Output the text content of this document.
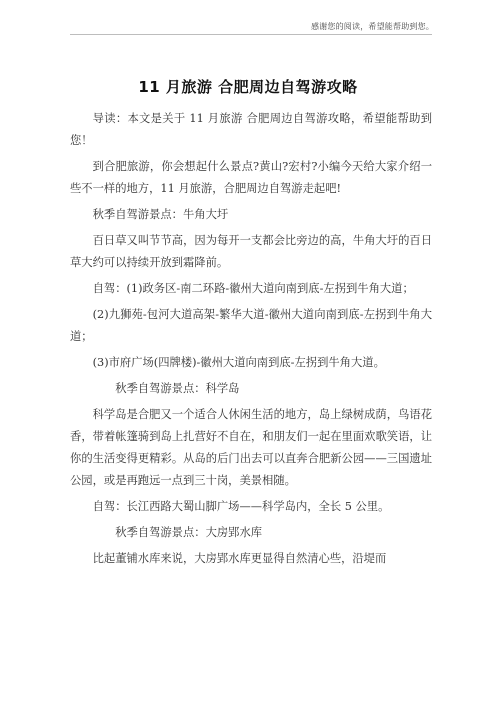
感谢您的阅读，希望能帮助到您。
11 月旅游 合肥周边自驾游攻略

导读：本文是关于 11 月旅游 合肥周边自驾游攻略，希望能帮助到您！

到合肥旅游，你会想起什么景点?黄山?宏村?小编今天给大家介绍一些不一样的地方，11 月旅游，合肥周边自驾游走起吧!

秋季自驾游景点：牛角大圩

百日草又叫节节高，因为每开一支都会比旁边的高，牛角大圩的百日草大约可以持续开放到霜降前。

自驾：(1)政务区-南二环路-徽州大道向南到底-左拐到牛角大道；

(2)九狮苑-包河大道高架-繁华大道-徽州大道向南到底-左拐到牛角大道；

(3)市府广场(四牌楼)-徽州大道向南到底-左拐到牛角大道。

秋季自驾游景点：科学岛

科学岛是合肥又一个适合人休闲生活的地方，岛上绿树成荫，鸟语花香，带着帐篷骑到岛上扎营好不自在，和朋友们一起在里面欢歌笑语，让你的生活变得更精彩。从岛的后门出去可以直奔合肥新公园——三国遗址公园，或是再跑远一点到三十岗，美景相随。

自驾：长江西路大蜀山脚广场——科学岛内，全长 5 公里。

秋季自驾游景点：大房郢水库

比起董铺水库来说，大房郢水库更显得自然清心些，沿堤而
